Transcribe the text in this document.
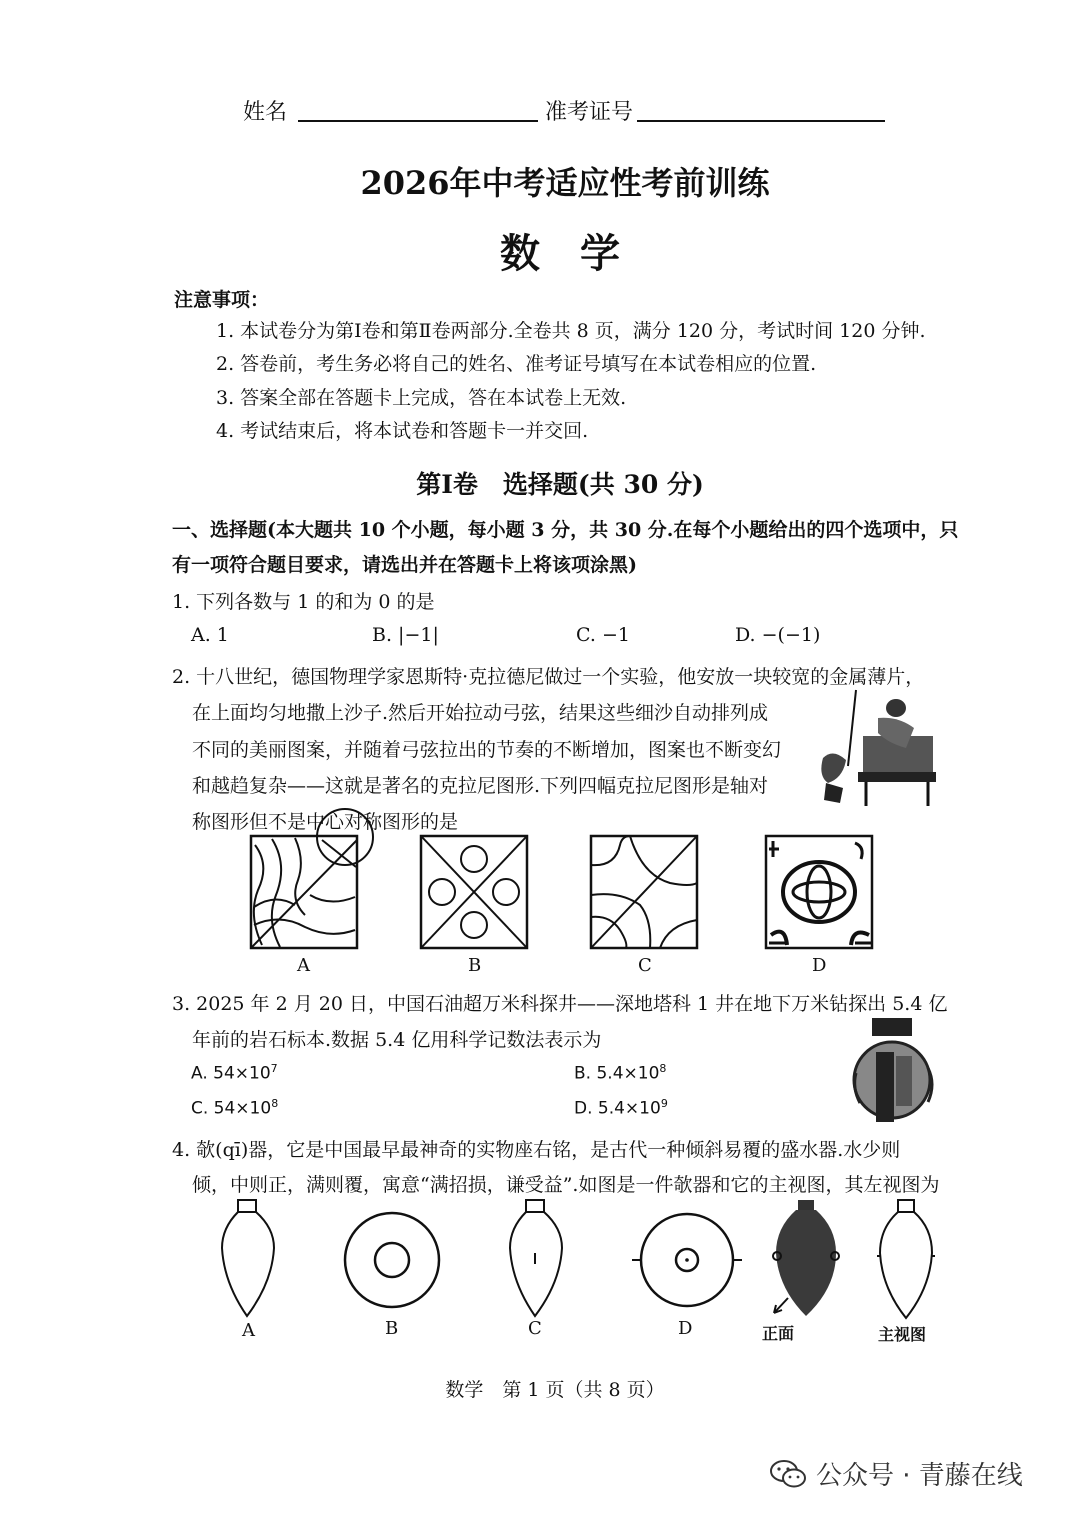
姓名	准考证号
2026年中考适应性考前训练
数　学
注意事项：
1. 本试卷分为第Ⅰ卷和第Ⅱ卷两部分.全卷共 8 页，满分 120 分，考试时间 120 分钟.
2. 答卷前，考生务必将自己的姓名、准考证号填写在本试卷相应的位置.
3. 答案全部在答题卡上完成，答在本试卷上无效.
4. 考试结束后，将本试卷和答题卡一并交回.
第Ⅰ卷　选择题(共 30 分)
一、选择题(本大题共 10 个小题，每小题 3 分，共 30 分.在每个小题给出的四个选项中，只
有一项符合题目要求，请选出并在答题卡上将该项涂黑)
1. 下列各数与 1 的和为 0 的是
A. 1	B. |−1|	C. −1	D. −(−1)
2. 十八世纪，德国物理学家恩斯特·克拉德尼做过一个实验，他安放一块较宽的金属薄片，
在上面均匀地撒上沙子.然后开始拉动弓弦，结果这些细沙自动排列成
不同的美丽图案，并随着弓弦拉出的节奏的不断增加，图案也不断变幻
和越趋复杂——这就是著名的克拉尼图形.下列四幅克拉尼图形是轴对
称图形但不是中心对称图形的是
A	B	C	D
3. 2025 年 2 月 20 日，中国石油超万米科探井——深地塔科 1 井在地下万米钻探出 5.4 亿
年前的岩石标本.数据 5.4 亿用科学记数法表示为
A. $54\times 10^7$	B. $5.4\times 10^8$
C. $54\times 10^8$	D. $5.4\times 10^9$
4. 欹(qī)器，它是中国最早最神奇的实物座右铭，是古代一种倾斜易覆的盛水器.水少则
倾，中则正，满则覆，寓意“满招损，谦受益”.如图是一件欹器和它的主视图，其左视图为
A	B	C	D	正面	主视图
数学　第 1 页（共 8 页）
公众号 · 青藤在线
